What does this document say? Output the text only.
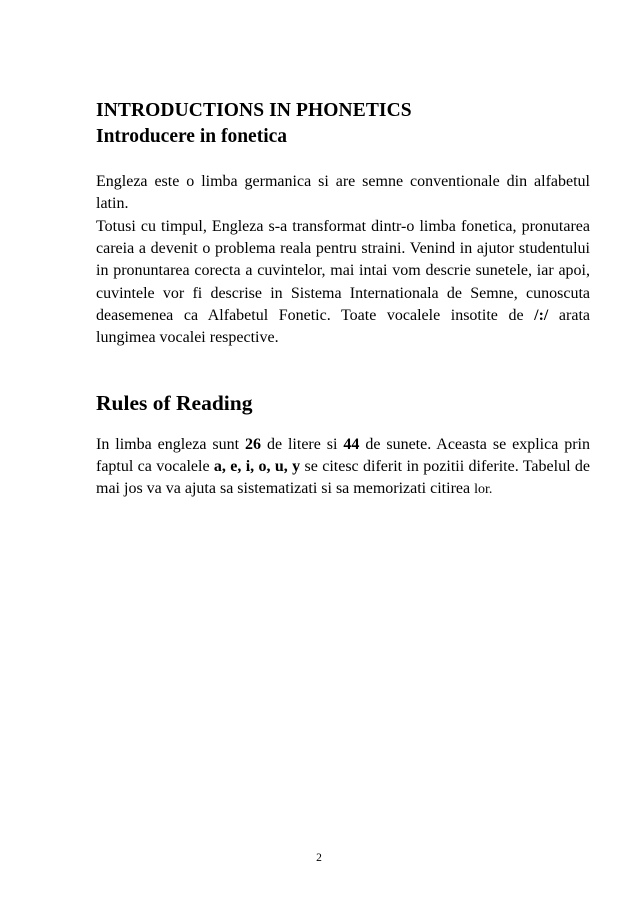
INTRODUCTIONS IN PHONETICS
Introducere in fonetica

Engleza este o limba germanica si are semne conventionale din alfabetul latin.

Totusi cu timpul, Engleza s-a transformat dintr-o limba fonetica, pronutarea careia a devenit o problema reala pentru straini. Venind in ajutor studentului in pronuntarea corecta a cuvintelor, mai intai vom descrie sunetele, iar apoi, cuvintele vor fi descrise in Sistema Internationala de Semne, cunoscuta deasemenea ca Alfabetul Fonetic. Toate vocalele insotite de /:/ arata lungimea vocalei respective.

Rules of Reading

In limba engleza sunt 26 de litere si 44 de sunete. Aceasta se explica prin faptul ca vocalele a, e, i, o, u, y se citesc diferit in pozitii diferite. Tabelul de mai jos va va ajuta sa sistematizati si sa memorizati citirea lor.

2
